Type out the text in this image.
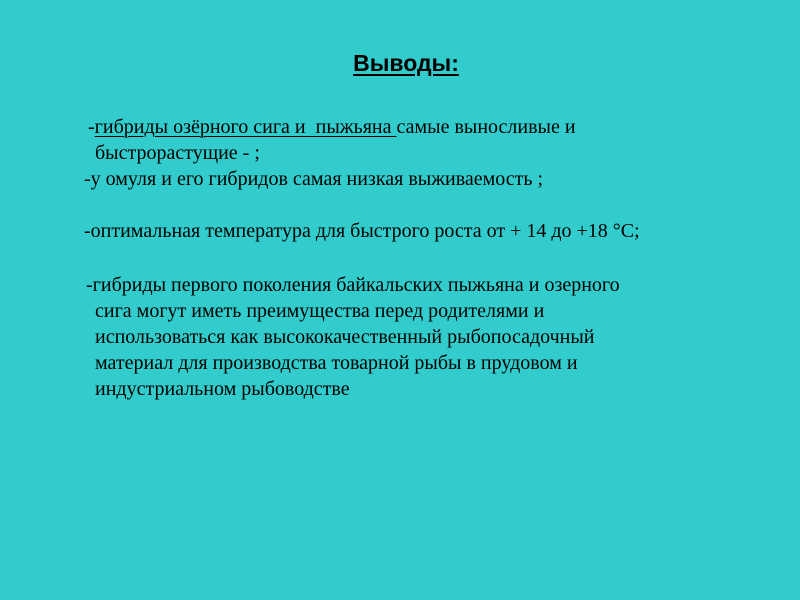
Выводы:

-гибриды озёрного сига и  пыжьяна самые выносливые и

быстрорастущие - ;

-у омуля и его гибридов самая низкая выживаемость ;

-оптимальная температура для быстрого роста от + 14 до +18 °С;

-гибриды первого поколения байкальских пыжьяна и озерного

сига могут иметь преимущества перед родителями и

использоваться как высококачественный рыбопосадочный

материал для производства товарной рыбы в прудовом и

индустриальном рыбоводстве
